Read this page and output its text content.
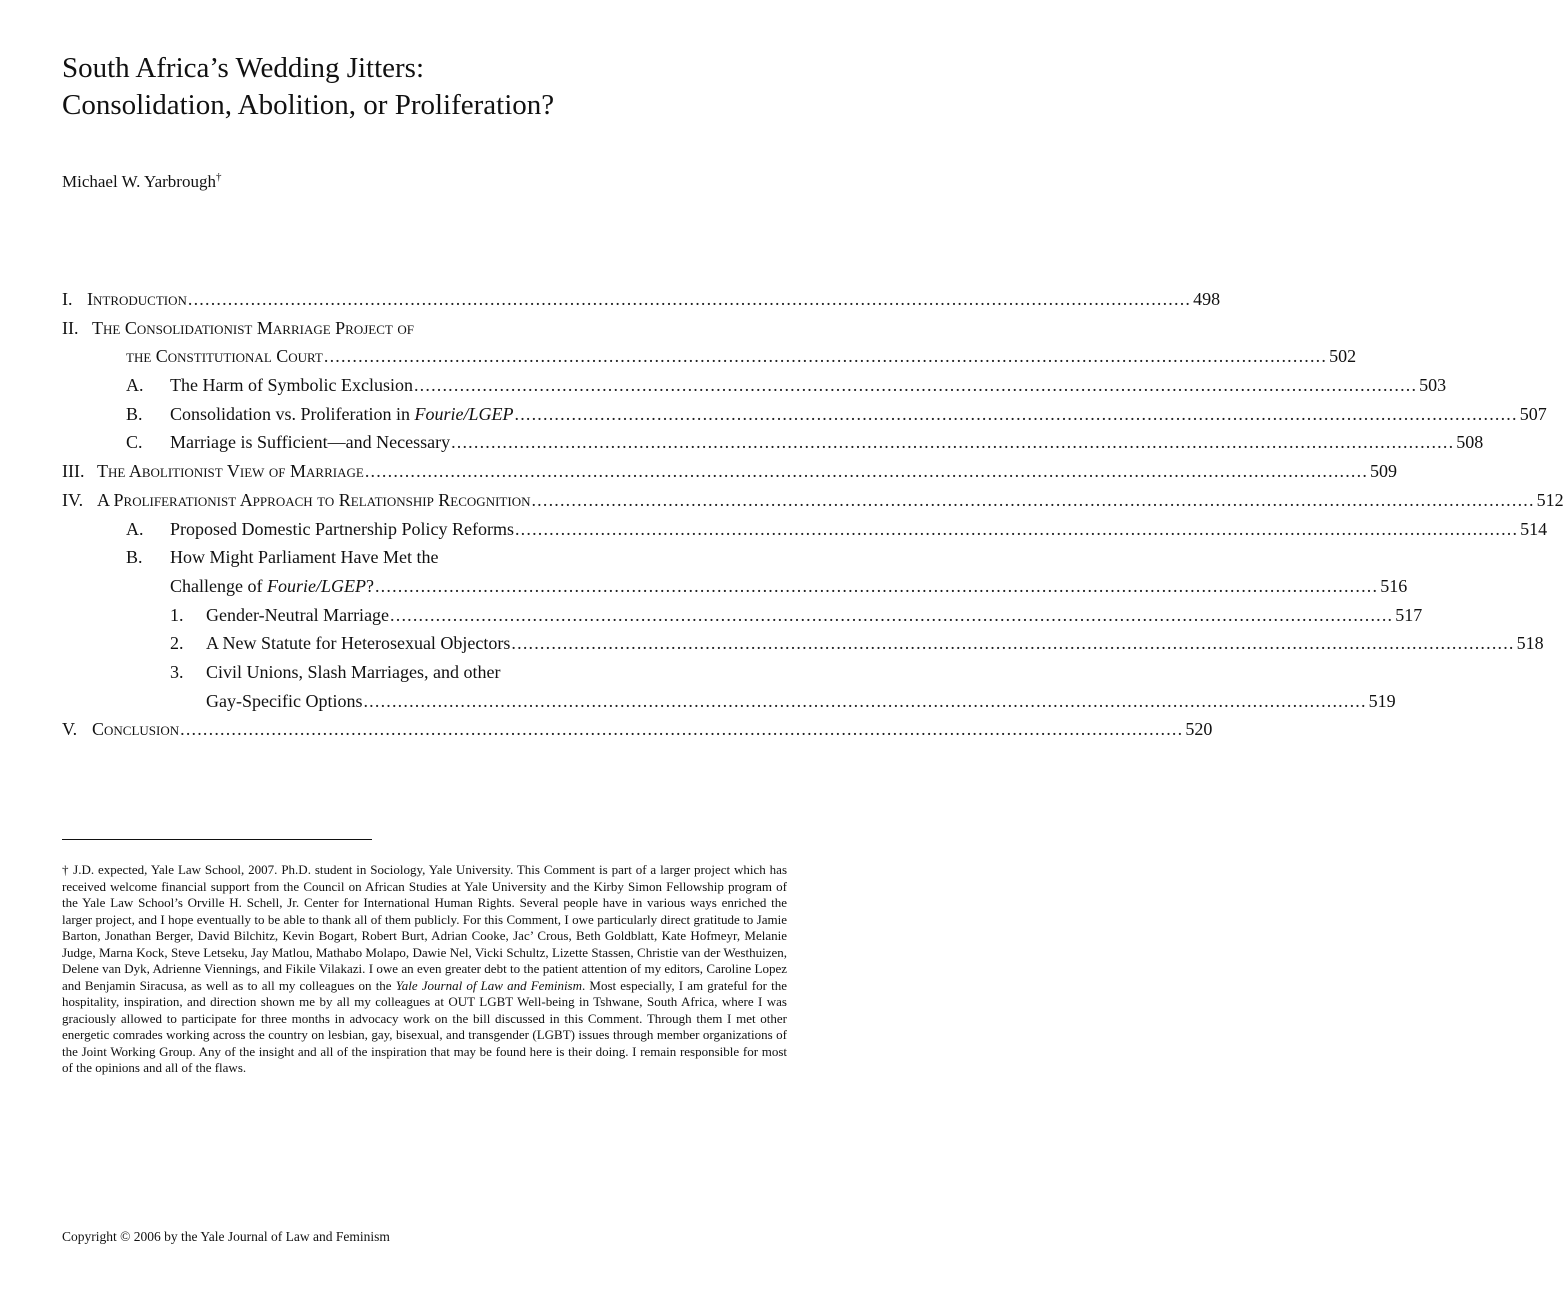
South Africa’s Wedding Jitters:
Consolidation, Abolition, or Proliferation?
Michael W. Yarbrough†
I. Introduction ................................................................................................................................................................................ 498
II. The Consolidationist Marriage Project of
the Constitutional Court ................................................................................................................................................................................ 502
A.	The Harm of Symbolic Exclusion ................................................................................................................................................................................ 503
B.	Consolidation vs. Proliferation in Fourie/LGEP ................................................................................................................................................................................ 507
C.	Marriage is Sufficient—and Necessary ................................................................................................................................................................................ 508
III. The Abolitionist View of Marriage ................................................................................................................................................................................ 509
IV. A Proliferationist Approach to Relationship Recognition ................................................................................................................................................................................ 512
A.	Proposed Domestic Partnership Policy Reforms ................................................................................................................................................................................ 514
B.	How Might Parliament Have Met the
Challenge of Fourie/LGEP? ................................................................................................................................................................................ 516
1.	Gender-Neutral Marriage ................................................................................................................................................................................ 517
2.	A New Statute for Heterosexual Objectors ................................................................................................................................................................................ 518
3.	Civil Unions, Slash Marriages, and other
Gay-Specific Options ................................................................................................................................................................................ 519
V. Conclusion ................................................................................................................................................................................ 520
† J.D. expected, Yale Law School, 2007. Ph.D. student in Sociology, Yale University. This Comment is part of a larger project which has received welcome financial support from the Council on African Studies at Yale University and the Kirby Simon Fellowship program of the Yale Law School’s Orville H. Schell, Jr. Center for International Human Rights. Several people have in various ways enriched the larger project, and I hope eventually to be able to thank all of them publicly. For this Comment, I owe particularly direct gratitude to Jamie Barton, Jonathan Berger, David Bilchitz, Kevin Bogart, Robert Burt, Adrian Cooke, Jac’ Crous, Beth Goldblatt, Kate Hofmeyr, Melanie Judge, Marna Kock, Steve Letseku, Jay Matlou, Mathabo Molapo, Dawie Nel, Vicki Schultz, Lizette Stassen, Christie van der Westhuizen, Delene van Dyk, Adrienne Viennings, and Fikile Vilakazi. I owe an even greater debt to the patient attention of my editors, Caroline Lopez and Benjamin Siracusa, as well as to all my colleagues on the Yale Journal of Law and Feminism. Most especially, I am grateful for the hospitality, inspiration, and direction shown me by all my colleagues at OUT LGBT Well-being in Tshwane, South Africa, where I was graciously allowed to participate for three months in advocacy work on the bill discussed in this Comment. Through them I met other energetic comrades working across the country on lesbian, gay, bisexual, and transgender (LGBT) issues through member organizations of the Joint Working Group. Any of the insight and all of the inspiration that may be found here is their doing. I remain responsible for most of the opinions and all of the flaws.
Copyright © 2006 by the Yale Journal of Law and Feminism
